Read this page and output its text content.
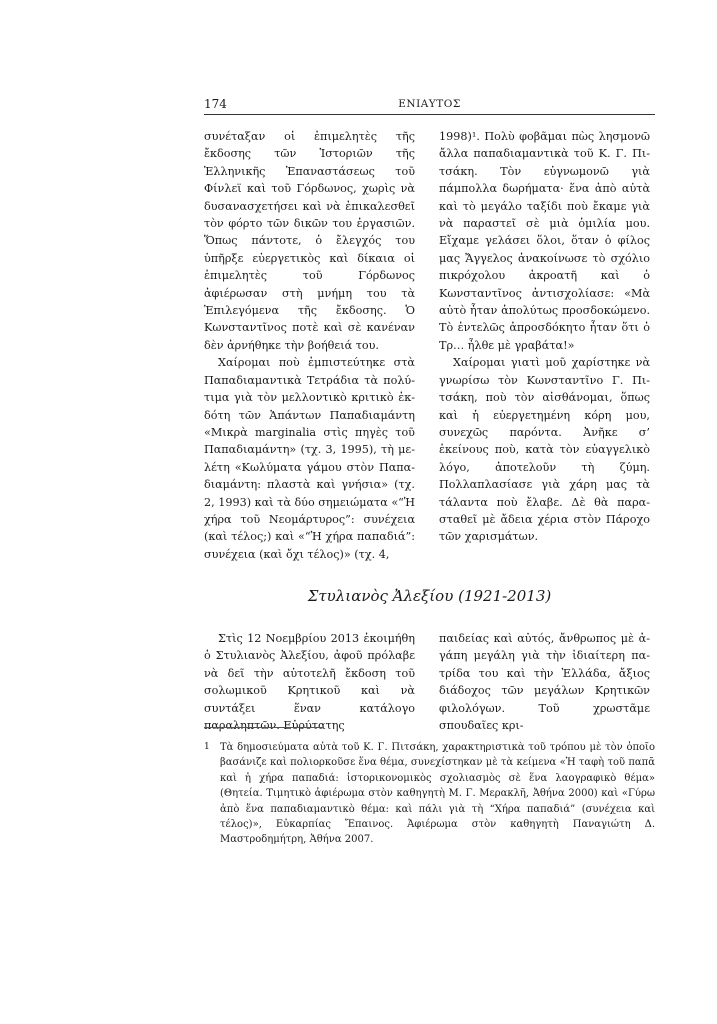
174	ΕΝΙΑΥΤΟΣ

συνέταξαν οἱ ἐπιμελητὲς τῆς ἔκδοσης τῶν Ἱστοριῶν τῆς Ἑλληνικῆς Ἐπαναστάσεως τοῦ Φίνλεϊ καὶ τοῦ Γόρδωνος, χωρὶς νὰ δυσανασχετήσει καὶ νὰ ἐπικαλεσθεῖ τὸν φόρτο τῶν δικῶν του ἐργασιῶν. Ὅπως πάντοτε, ὁ ἔλεγχός του ὑπῆρξε εὐεργετικὸς καὶ δίκαια οἱ ἐπιμελητὲς τοῦ Γόρδωνος ἀφιέρωσαν στὴ μνήμη του τὰ Ἐπιλεγόμενα τῆς ἔκδοσης. Ὁ Κωνσταντῖνος ποτὲ καὶ σὲ κανέναν δὲν ἀρνήθηκε τὴν βοήθειά του.

Χαίρομαι ποὺ ἐμπιστεύτηκε στὰ Παπαδιαμαντικὰ Τετράδια τὰ πολύτιμα γιὰ τὸν μελλοντικὸ κριτικὸ ἐκδότη τῶν Ἁπάντων Παπαδιαμάντη «Μικρὰ marginalia στὶς πηγὲς τοῦ Παπαδιαμάντη» (τχ. 3, 1995), τὴ μελέτη «Κωλύματα γάμου στὸν Παπαδιαμάντη: πλαστὰ καὶ γνήσια» (τχ. 2, 1993) καὶ τὰ δύο σημειώματα «“Ἡ χήρα τοῦ Νεομάρτυρος”: συνέχεια (καὶ τέλος;) καὶ «“Ἡ χήρα παπαδιά”: συνέχεια (καὶ ὄχι τέλος)» (τχ. 4,

1998)¹. Πολὺ φοβᾶμαι πὼς λησμονῶ ἄλλα παπαδιαμαντικὰ τοῦ Κ. Γ. Πιτσάκη. Τὸν εὐγνωμονῶ γιὰ πάμπολλα δωρήματα· ἕνα ἀπὸ αὐτὰ καὶ τὸ μεγάλο ταξίδι ποὺ ἔκαμε γιὰ νὰ παραστεῖ σὲ μιὰ ὁμιλία μου. Εἴχαμε γελάσει ὅλοι, ὅταν ὁ φίλος μας Ἄγγελος ἀνακοίνωσε τὸ σχόλιο πικρόχολου ἀκροατῆ καὶ ὁ Κωνσταντῖνος ἀντισχολίασε: «Μὰ αὐτὸ ἦταν ἀπολύτως προσδοκώμενο. Τὸ ἐντελῶς ἀπροσδόκητο ἦταν ὅτι ὁ Τρ… ἦλθε μὲ γραβάτα!»

Χαίρομαι γιατὶ μοῦ χαρίστηκε νὰ γνωρίσω τὸν Κωνσταντῖνο Γ. Πιτσάκη, ποὺ τὸν αἰσθάνομαι, ὅπως καὶ ἡ εὐεργετημένη κόρη μου, συνεχῶς παρόντα. Ἀνῆκε σ’ ἐκείνους ποὺ, κατὰ τὸν εὐαγγελικὸ λόγο, ἀποτελοῦν τὴ ζύμη. Πολλαπλασίασε γιὰ χάρη μας τὰ τάλαντα ποὺ ἔλαβε. Δὲ θὰ παρασταθεῖ μὲ ἄδεια χέρια στὸν Πάροχο τῶν χαρισμάτων.

Στυλιανὸς Ἀλεξίου (1921-2013)

Στὶς 12 Νοεμβρίου 2013 ἐκοιμήθη ὁ Στυλιανὸς Ἀλεξίου, ἀφοῦ πρόλαβε νὰ δεῖ τὴν αὐτοτελῆ ἔκδοση τοῦ σολωμικοῦ Κρητικοῦ καὶ νὰ συντάξει ἕναν κατάλογο παραληπτῶν. Εὐρύτατης

παιδείας καὶ αὐτός, ἄνθρωπος μὲ ἀγάπη μεγάλη γιὰ τὴν ἰδιαίτερη πατρίδα του καὶ τὴν Ἑλλάδα, ἄξιος διάδοχος τῶν μεγάλων Κρητικῶν φιλολόγων. Τοῦ χρωστᾶμε σπουδαῖες κρι-

1	Τὰ δημοσιεύματα αὐτὰ τοῦ Κ. Γ. Πιτσάκη, χαρακτηριστικὰ τοῦ τρόπου μὲ τὸν ὁποῖο βασάνιζε καὶ πολιορκοῦσε ἕνα θέμα, συνεχίστηκαν μὲ τὰ κείμενα «Ἡ ταφὴ τοῦ παπᾶ καὶ ἡ χήρα παπαδιά: ἱστορικονομικὸς σχολιασμὸς σὲ ἕνα λαογραφικὸ θέμα» (Θητεία. Τιμητικὸ ἀφιέρωμα στὸν καθηγητὴ Μ. Γ. Μερακλῆ, Ἀθήνα 2000) καὶ «Γύρω ἀπὸ ἕνα παπαδιαμαντικὸ θέμα: καὶ πάλι γιὰ τὴ “Χήρα παπαδιά” (συνέχεια καὶ τέλος)», Εὐκαρπίας Ἔπαινος. Ἀφιέρωμα στὸν καθηγητὴ Παναγιώτη Δ. Μαστροδημήτρη, Ἀθήνα 2007.
